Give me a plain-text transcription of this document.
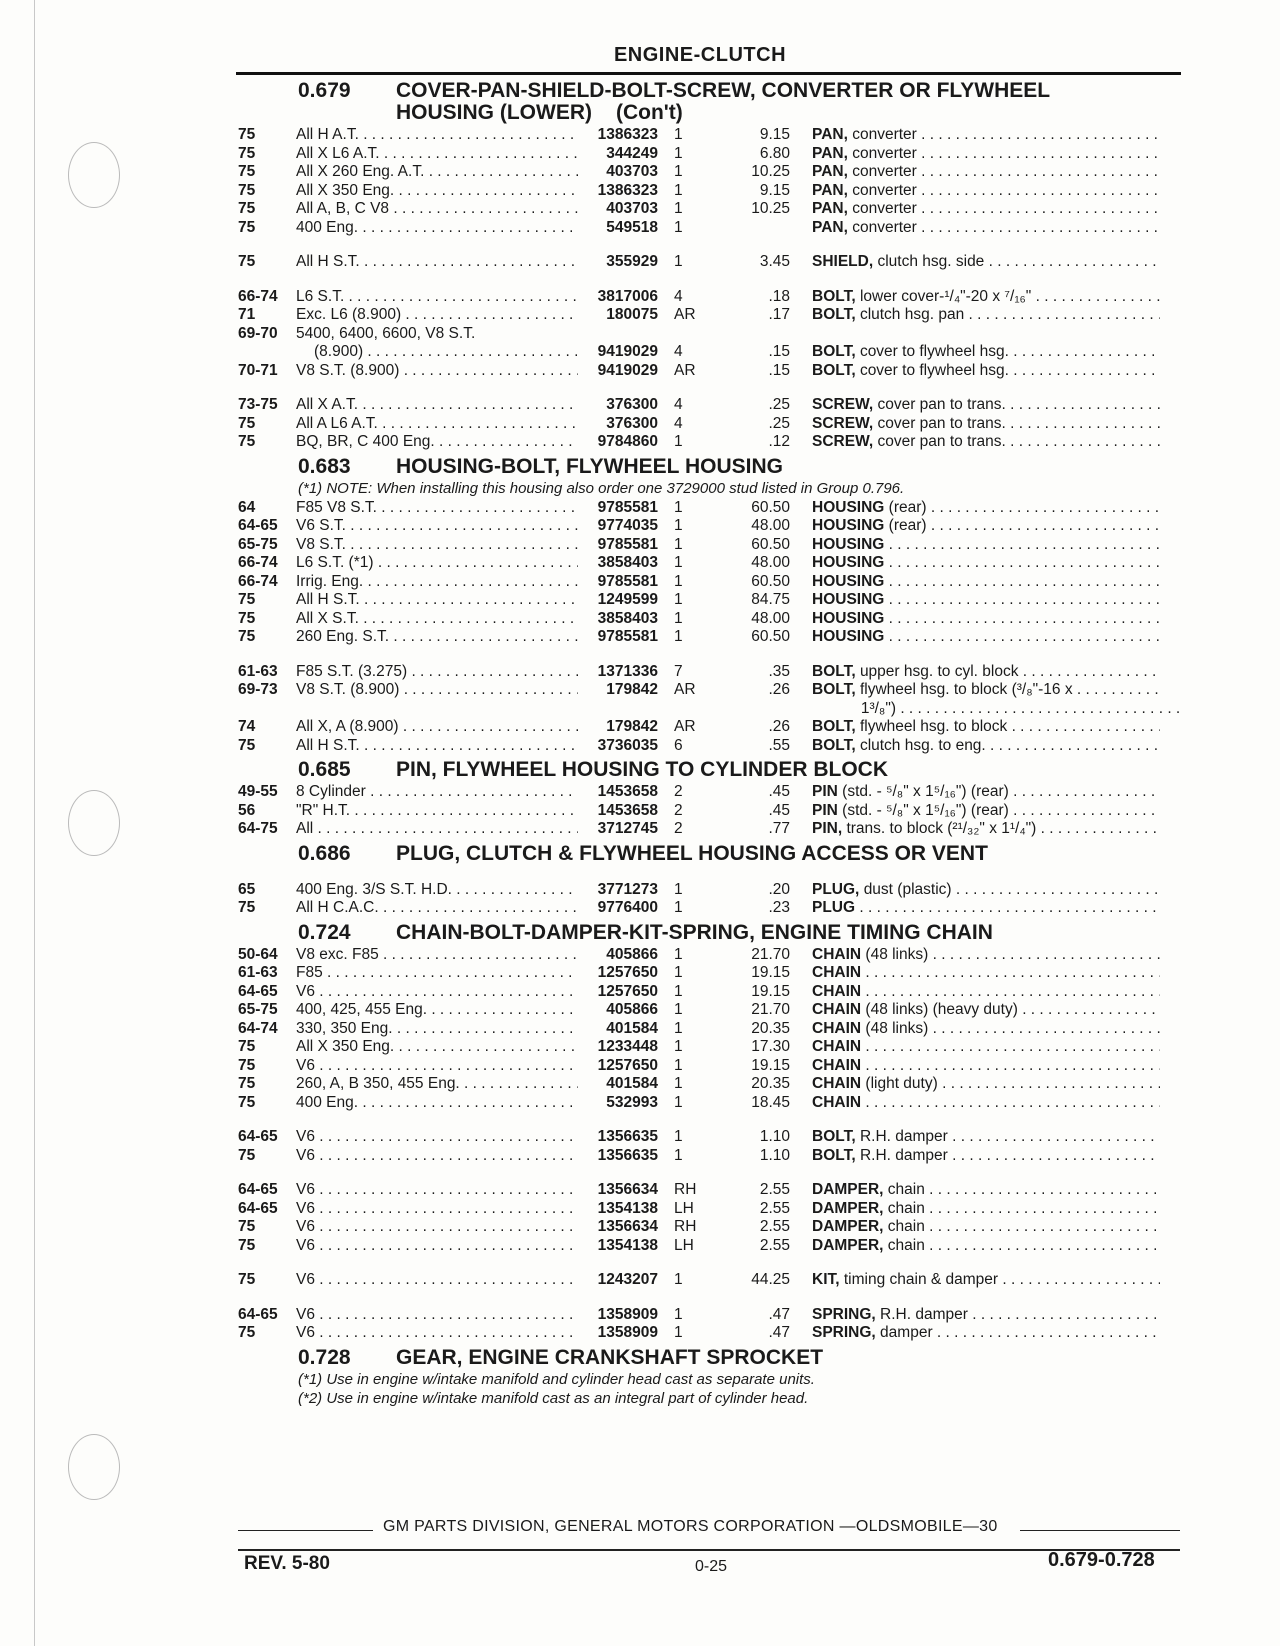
ENGINE-CLUTCH
0.679 COVER-PAN-SHIELD-BOLT-SCREW, CONVERTER OR FLYWHEEL
HOUSING (LOWER) (Con't)
75	All H A.T. . . .	1386323	1	9.15	PAN, converter . . .
75	All X L6 A.T. . . .	344249	1	6.80	PAN, converter . . .
75	All X 260 Eng. A.T. . . .	403703	1	10.25	PAN, converter . . .
75	All X 350 Eng. . . .	1386323	1	9.15	PAN, converter . . .
75	All A, B, C V8 . . .	403703	1	10.25	PAN, converter . . .
75	400 Eng. . . .	549518	1	PAN, converter . . .
75	All H S.T. . . .	355929	1	3.45	SHIELD, clutch hsg. side . . .
66-74	L6 S.T. . . .	3817006	4	.18	BOLT, lower cover-¹/₄"-20 x ⁷/₁₆" . . .
71	Exc. L6 (8.900) . . .	180075	AR	.17	BOLT, clutch hsg. pan . . .
69-70	5400, 6400, 6600, V8 S.T.
(8.900) . . .	9419029	4	.15	BOLT, cover to flywheel hsg. . . .
70-71	V8 S.T. (8.900) . . .	9419029	AR	.15	BOLT, cover to flywheel hsg. . . .
73-75	All X A.T. . . .	376300	4	.25	SCREW, cover pan to trans. . . .
75	All A L6 A.T. . . .	376300	4	.25	SCREW, cover pan to trans. . . .
75	BQ, BR, C 400 Eng. . . .	9784860	1	.12	SCREW, cover pan to trans. . . .
0.683 HOUSING-BOLT, FLYWHEEL HOUSING
(*1) NOTE: When installing this housing also order one 3729000 stud listed in Group 0.796.
64	F85 V8 S.T. . . .	9785581	1	60.50	HOUSING (rear) . . .
64-65	V6 S.T. . . .	9774035	1	48.00	HOUSING (rear) . . .
65-75	V8 S.T. . . .	9785581	1	60.50	HOUSING . . .
66-74	L6 S.T. (*1) . . .	3858403	1	48.00	HOUSING . . .
66-74	Irrig. Eng. . . .	9785581	1	60.50	HOUSING . . .
75	All H S.T. . . .	1249599	1	84.75	HOUSING . . .
75	All X S.T. . . .	3858403	1	48.00	HOUSING . . .
75	260 Eng. S.T. . . .	9785581	1	60.50	HOUSING . . .
61-63	F85 S.T. (3.275) . . .	1371336	7	.35	BOLT, upper hsg. to cyl. block . . .
69-73	V8 S.T. (8.900) . . .	179842	AR	.26	BOLT, flywheel hsg. to block (³/₈"-16 x . . .
1³/₈") . . .
74	All X, A (8.900) . . .	179842	AR	.26	BOLT, flywheel hsg. to block . . .
75	All H S.T. . . .	3736035	6	.55	BOLT, clutch hsg. to eng. . . .
0.685 PIN, FLYWHEEL HOUSING TO CYLINDER BLOCK
49-55	8 Cylinder . . .	1453658	2	.45	PIN (std. - ⁵/₈" x 1⁵/₁₆") (rear) . . .
56	"R" H.T. . . .	1453658	2	.45	PIN (std. - ⁵/₈" x 1⁵/₁₆") (rear) . . .
64-75	All . . .	3712745	2	.77	PIN, trans. to block (²¹/₃₂" x 1¹/₄") . . .
0.686 PLUG, CLUTCH & FLYWHEEL HOUSING ACCESS OR VENT
65	400 Eng. 3/S S.T. H.D. . . .	3771273	1	.20	PLUG, dust (plastic) . . .
75	All H C.A.C. . . .	9776400	1	.23	PLUG . . .
0.724 CHAIN-BOLT-DAMPER-KIT-SPRING, ENGINE TIMING CHAIN
50-64	V8 exc. F85 . . .	405866	1	21.70	CHAIN (48 links) . . .
61-63	F85 . . .	1257650	1	19.15	CHAIN . . .
64-65	V6 . . .	1257650	1	19.15	CHAIN . . .
65-75	400, 425, 455 Eng. . . .	405866	1	21.70	CHAIN (48 links) (heavy duty) . . .
64-74	330, 350 Eng. . . .	401584	1	20.35	CHAIN (48 links) . . .
75	All X 350 Eng. . . .	1233448	1	17.30	CHAIN . . .
75	V6 . . .	1257650	1	19.15	CHAIN . . .
75	260, A, B 350, 455 Eng. . . .	401584	1	20.35	CHAIN (light duty) . . .
75	400 Eng. . . .	532993	1	18.45	CHAIN . . .
64-65	V6 . . .	1356635	1	1.10	BOLT, R.H. damper . . .
75	V6 . . .	1356635	1	1.10	BOLT, R.H. damper . . .
64-65	V6 . . .	1356634	RH	2.55	DAMPER, chain . . .
64-65	V6 . . .	1354138	LH	2.55	DAMPER, chain . . .
75	V6 . . .	1356634	RH	2.55	DAMPER, chain . . .
75	V6 . . .	1354138	LH	2.55	DAMPER, chain . . .
75	V6 . . .	1243207	1	44.25	KIT, timing chain & damper . . .
64-65	V6 . . .	1358909	1	.47	SPRING, R.H. damper . . .
75	V6 . . .	1358909	1	.47	SPRING, damper . . .
0.728 GEAR, ENGINE CRANKSHAFT SPROCKET
(*1) Use in engine w/intake manifold and cylinder head cast as separate units.
(*2) Use in engine w/intake manifold cast as an integral part of cylinder head.
GM PARTS DIVISION, GENERAL MOTORS CORPORATION —OLDSMOBILE—30
REV. 5-80	0-25	0.679-0.728
